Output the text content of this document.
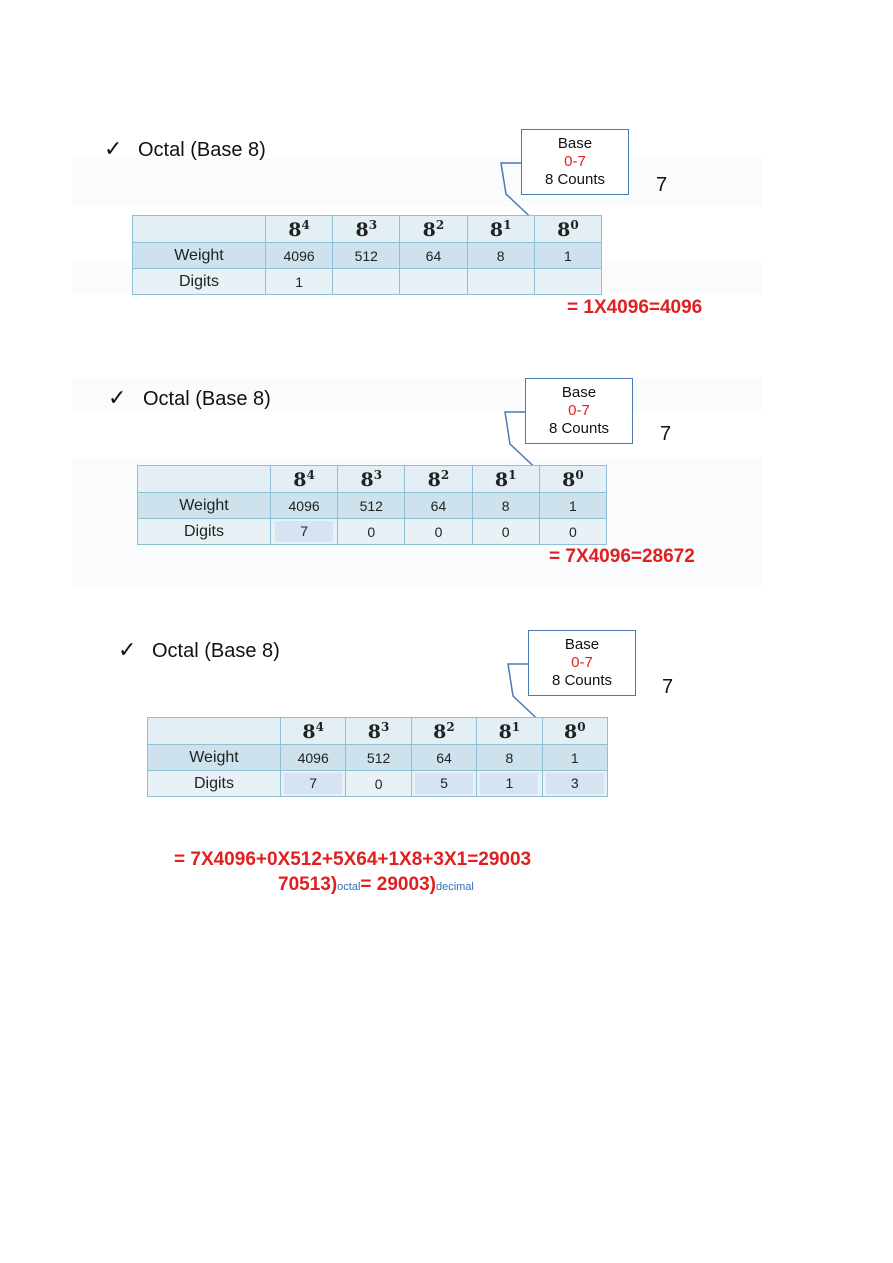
✓ Octal (Base 8)	Base
0-7
8 Counts	7
	$8^4$	$8^3$	$8^2$	$8^1$	$8^0$
Weight	4096	512	64	8	1
Digits	1				
= 1X4096=4096
✓ Octal (Base 8)	Base
0-7
8 Counts	7
	$8^4$	$8^3$	$8^2$	$8^1$	$8^0$
Weight	4096	512	64	8	1
Digits	7	0	0	0	0
= 7X4096=28672
✓ Octal (Base 8)	Base
0-7
8 Counts	7
	$8^4$	$8^3$	$8^2$	$8^1$	$8^0$
Weight	4096	512	64	8	1
Digits	7	0	5	1	3
= 7X4096+0X512+5X64+1X8+3X1=29003
70513)octal= 29003)decimal
